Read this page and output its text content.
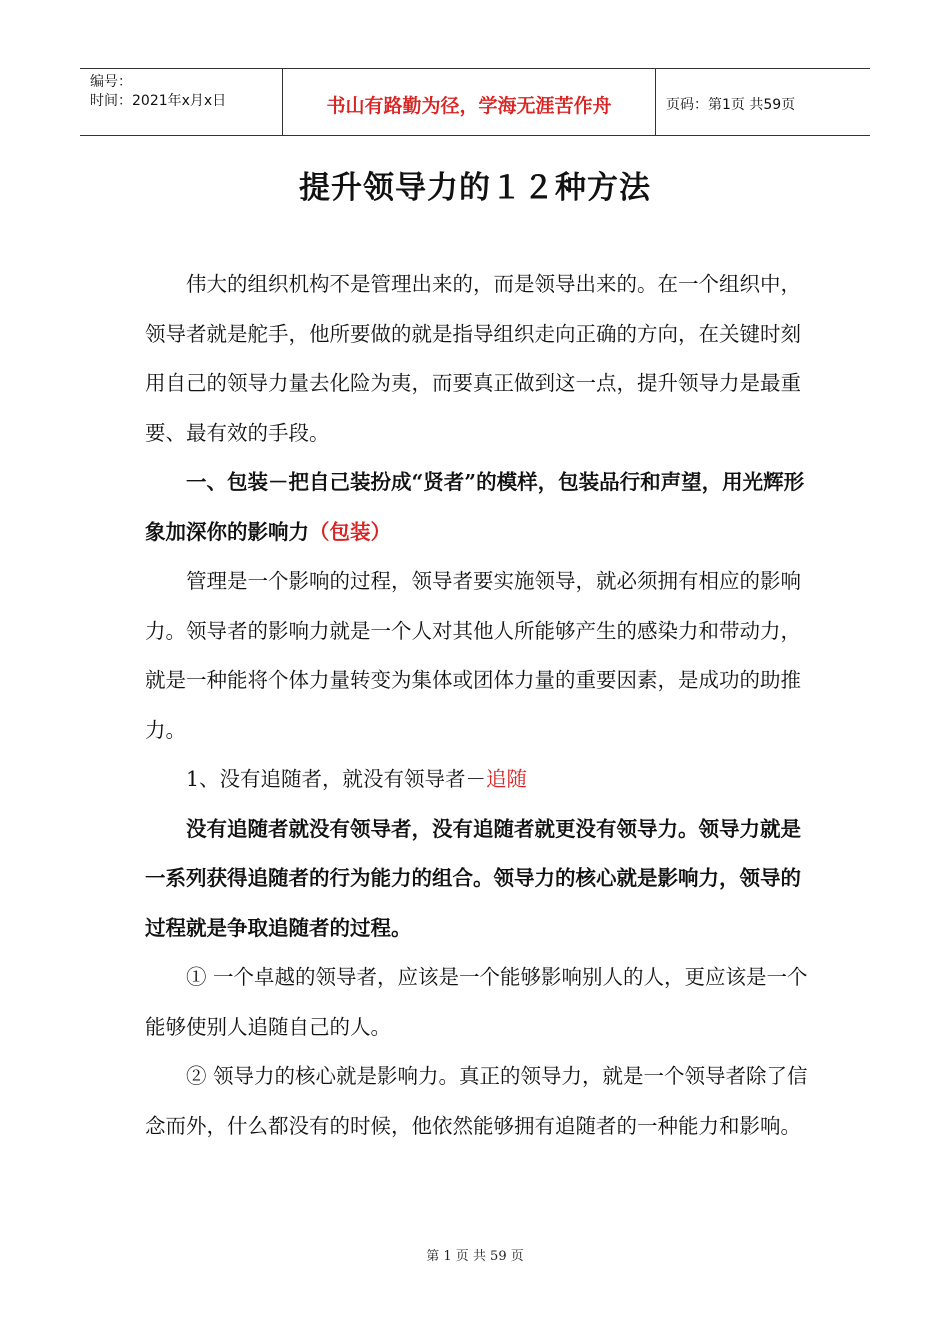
编号：
时间：2021年x月x日	书山有路勤为径，学海无涯苦作舟	页码：第1页 共59页
提升领导力的１２种方法

伟大的组织机构不是管理出来的，而是领导出来的。在一个组织中，领导者就是舵手，他所要做的就是指导组织走向正确的方向，在关键时刻用自己的领导力量去化险为夷，而要真正做到这一点，提升领导力是最重要、最有效的手段。

一、包装－把自己装扮成“贤者”的模样，包装品行和声望，用光辉形象加深你的影响力（包装）

管理是一个影响的过程，领导者要实施领导，就必须拥有相应的影响力。领导者的影响力就是一个人对其他人所能够产生的感染力和带动力，就是一种能将个体力量转变为集体或团体力量的重要因素，是成功的助推力。

1、没有追随者，就没有领导者－追随

没有追随者就没有领导者，没有追随者就更没有领导力。领导力就是一系列获得追随者的行为能力的组合。领导力的核心就是影响力，领导的过程就是争取追随者的过程。

① 一个卓越的领导者，应该是一个能够影响别人的人，更应该是一个能够使别人追随自己的人。

② 领导力的核心就是影响力。真正的领导力，就是一个领导者除了信念而外，什么都没有的时候，他依然能够拥有追随者的一种能力和影响。

第 1 页 共 59 页
